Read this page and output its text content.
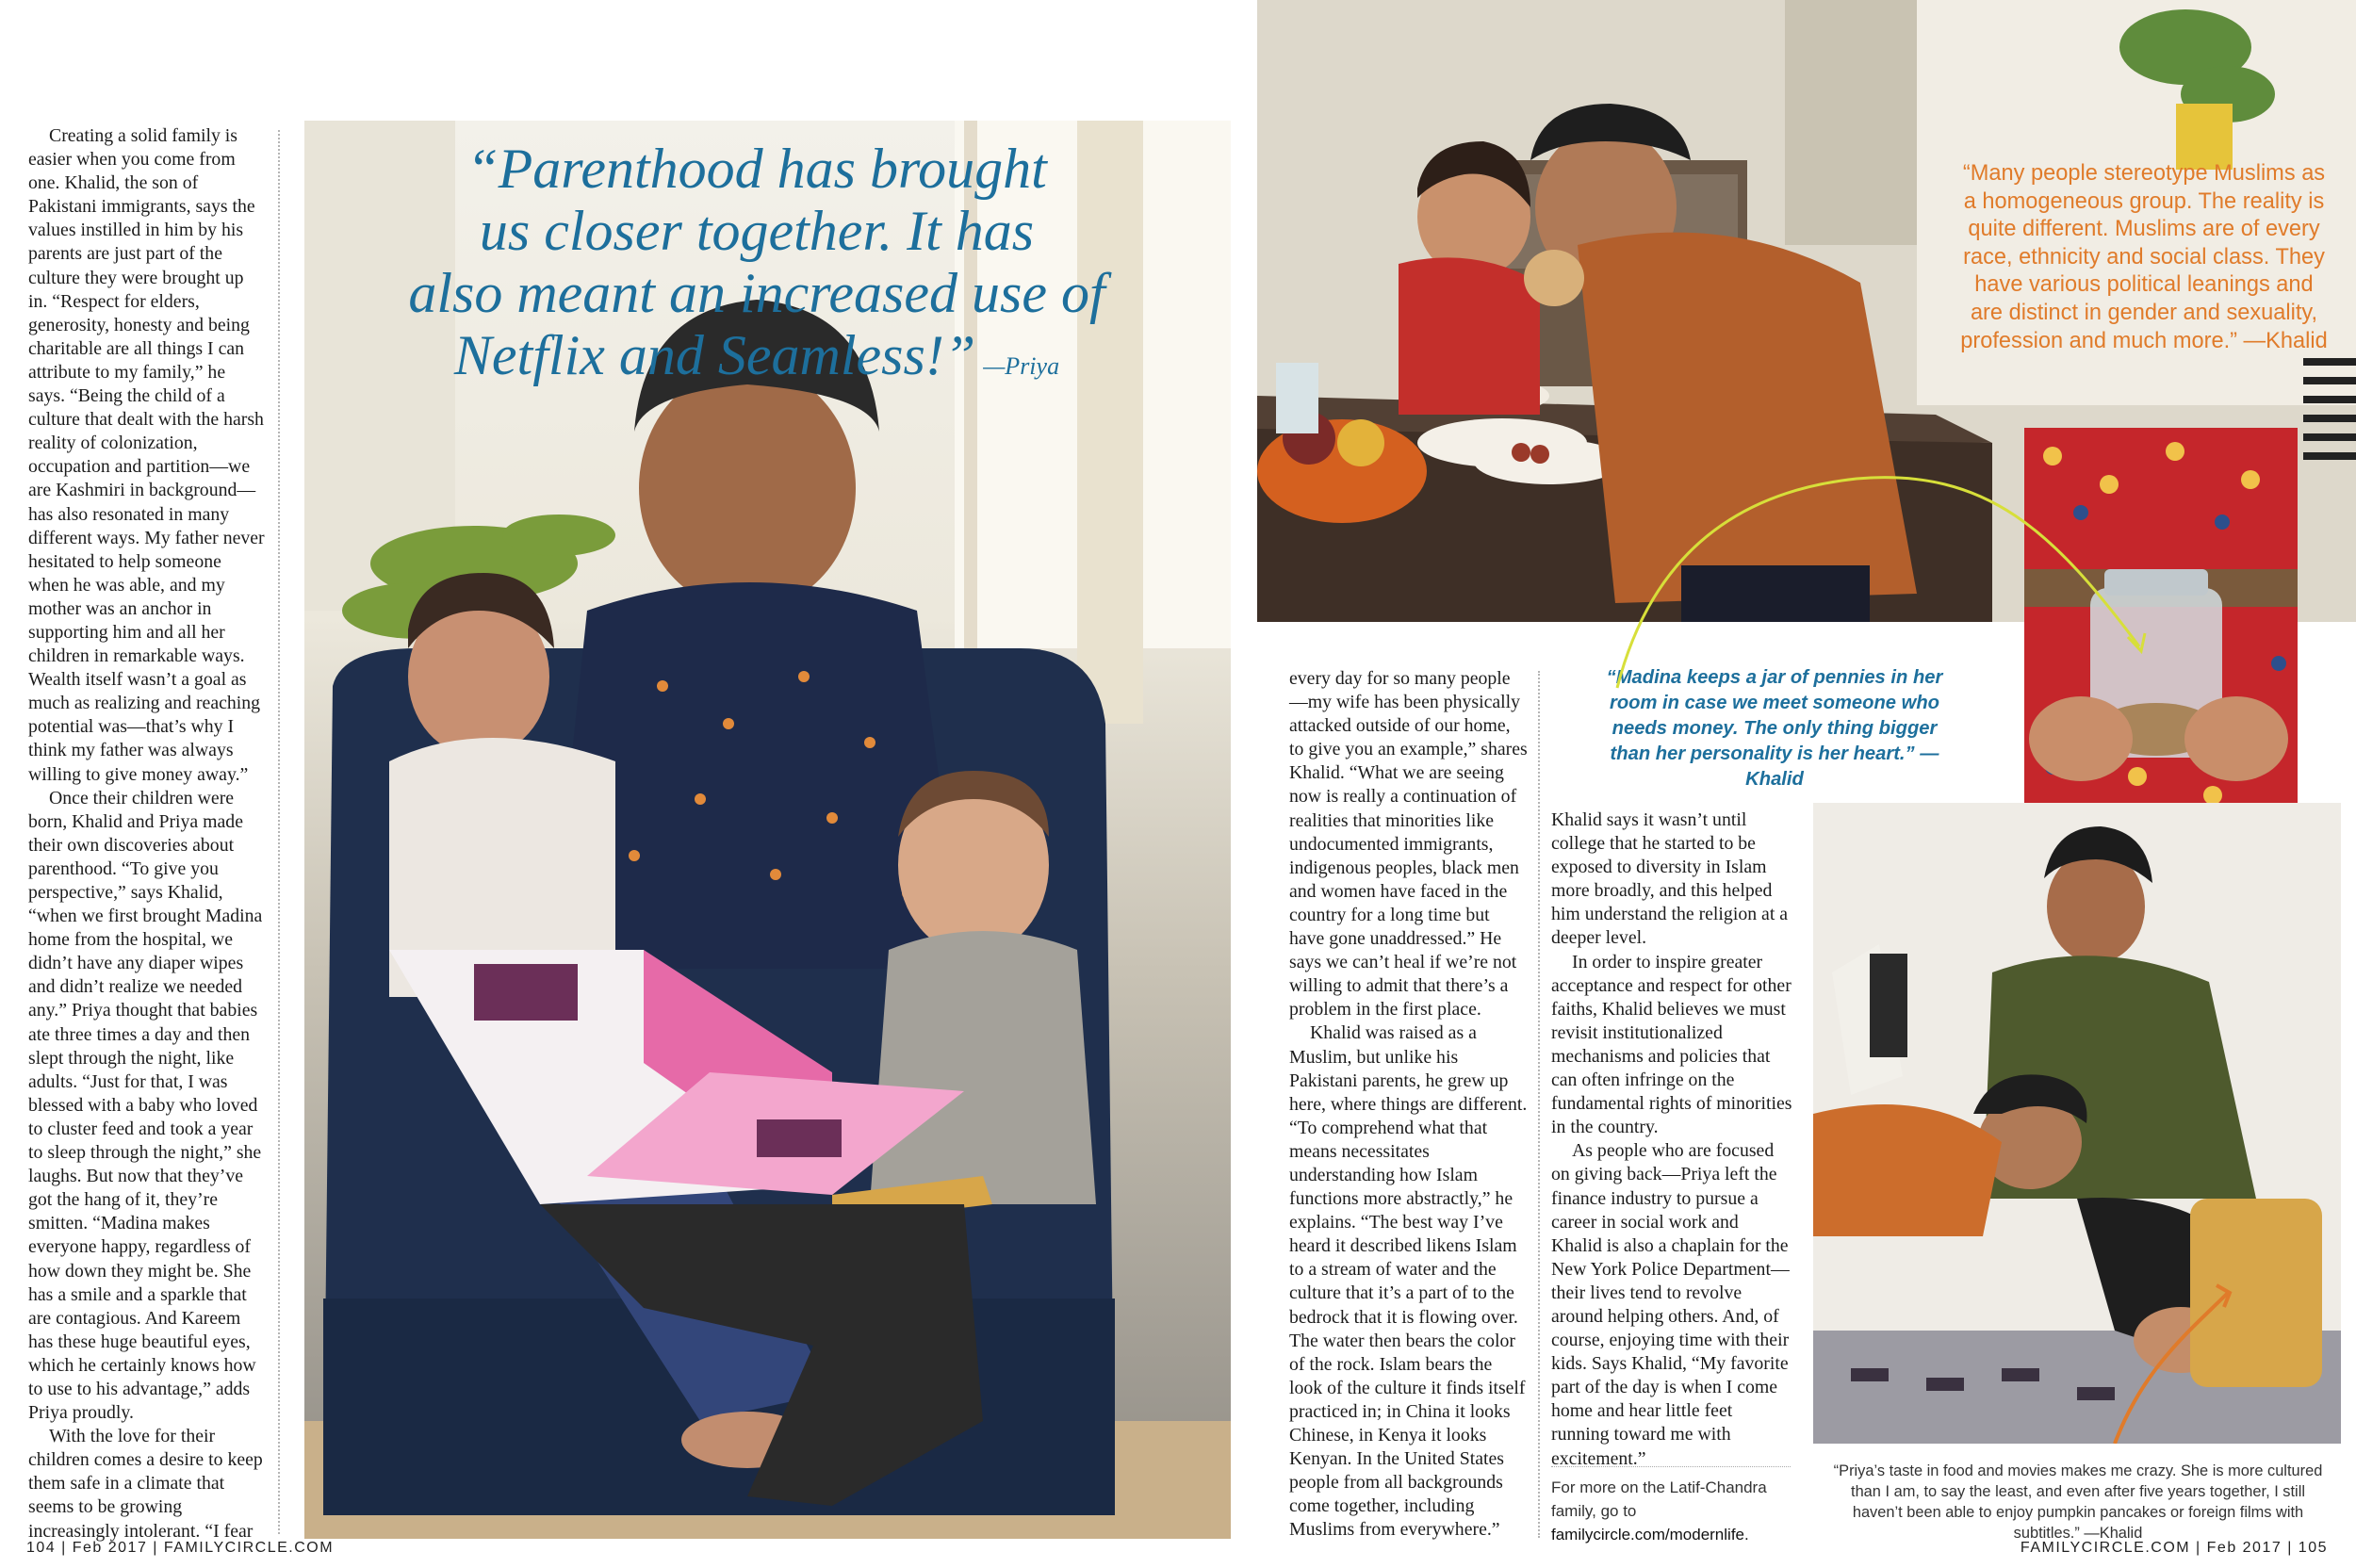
Creating a solid family is easier when you come from one. Khalid, the son of Pakistani immigrants, says the values instilled in him by his parents are just part of the culture they were brought up in. “Respect for elders, generosity, honesty and being charitable are all things I can attribute to my family,” he says. “Being the child of a culture that dealt with the harsh reality of colonization, occupation and partition—we are Kashmiri in background—has also resonated in many different ways. My father never hesitated to help someone when he was able, and my mother was an anchor in supporting him and all her children in remarkable ways. Wealth itself wasn’t a goal as much as realizing and reaching potential was—that’s why I think my father was always willing to give money away.”

Once their children were born, Khalid and Priya made their own discoveries about parenthood. “To give you perspective,” says Khalid, “when we first brought Madina home from the hospital, we didn’t have any diaper wipes and didn’t realize we needed any.” Priya thought that babies ate three times a day and then slept through the night, like adults. “Just for that, I was blessed with a baby who loved to cluster feed and took a year to sleep through the night,” she laughs. But now that they’ve got the hang of it, they’re smitten. “Madina makes everyone happy, regardless of how down they might be. She has a smile and a sparkle that are contagious. And Kareem has these huge beautiful eyes, which he certainly knows how to use to his advantage,” adds Priya proudly.

With the love for their children comes a desire to keep them safe in a climate that seems to be growing increasingly intolerant. “I fear

“Parenthood has brought
us closer together. It has
also meant an increased use of
Netflix and Seamless!” —Priya
104 | Feb 2017 | FAMILYCIRCLE.COM
“Many people stereotype Muslims as a homogeneous group. The reality is quite different. Muslims are of every race, ethnicity and social class. They have various political leanings and are distinct in gender and sexuality, profession and much more.” —Khalid
“Madina keeps a jar of pennies in her room in case we meet someone who needs money. The only thing bigger than her personality is her heart.” —Khalid

every day for so many people—my wife has been physically attacked outside of our home, to give you an example,” shares Khalid. “What we are seeing now is really a continuation of realities that minorities like undocumented immigrants, indigenous peoples, black men and women have faced in the country for a long time but have gone unaddressed.” He says we can’t heal if we’re not willing to admit that there’s a problem in the first place.

Khalid was raised as a Muslim, but unlike his Pakistani parents, he grew up here, where things are different. “To comprehend what that means necessitates understanding how Islam functions more abstractly,” he explains. “The best way I’ve heard it described likens Islam to a stream of water and the culture that it’s a part of to the bedrock that it is flowing over. The water then bears the color of the rock. Islam bears the look of the culture it finds itself practiced in; in China it looks Chinese, in Kenya it looks Kenyan. In the United States people from all backgrounds come together, including Muslims from everywhere.”

Khalid says it wasn’t until college that he started to be exposed to diversity in Islam more broadly, and this helped him understand the religion at a deeper level.

In order to inspire greater acceptance and respect for other faiths, Khalid believes we must revisit institutionalized mechanisms and policies that can often infringe on the fundamental rights of minorities in the country.

As people who are focused on giving back—Priya left the finance industry to pursue a career in social work and Khalid is also a chaplain for the New York Police Department—their lives tend to revolve around helping others. And, of course, enjoying time with their kids. Says Khalid, “My favorite part of the day is when I come home and hear little feet running toward me with excitement.”

For more on the Latif-Chandra family, go to familycircle.com/modernlife.
“Priya’s taste in food and movies makes me crazy. She is more cultured than I am, to say the least, and even after five years together, I still haven’t been able to enjoy pumpkin pancakes or foreign films with subtitles.” —Khalid
FAMILYCIRCLE.COM | Feb 2017 | 105
